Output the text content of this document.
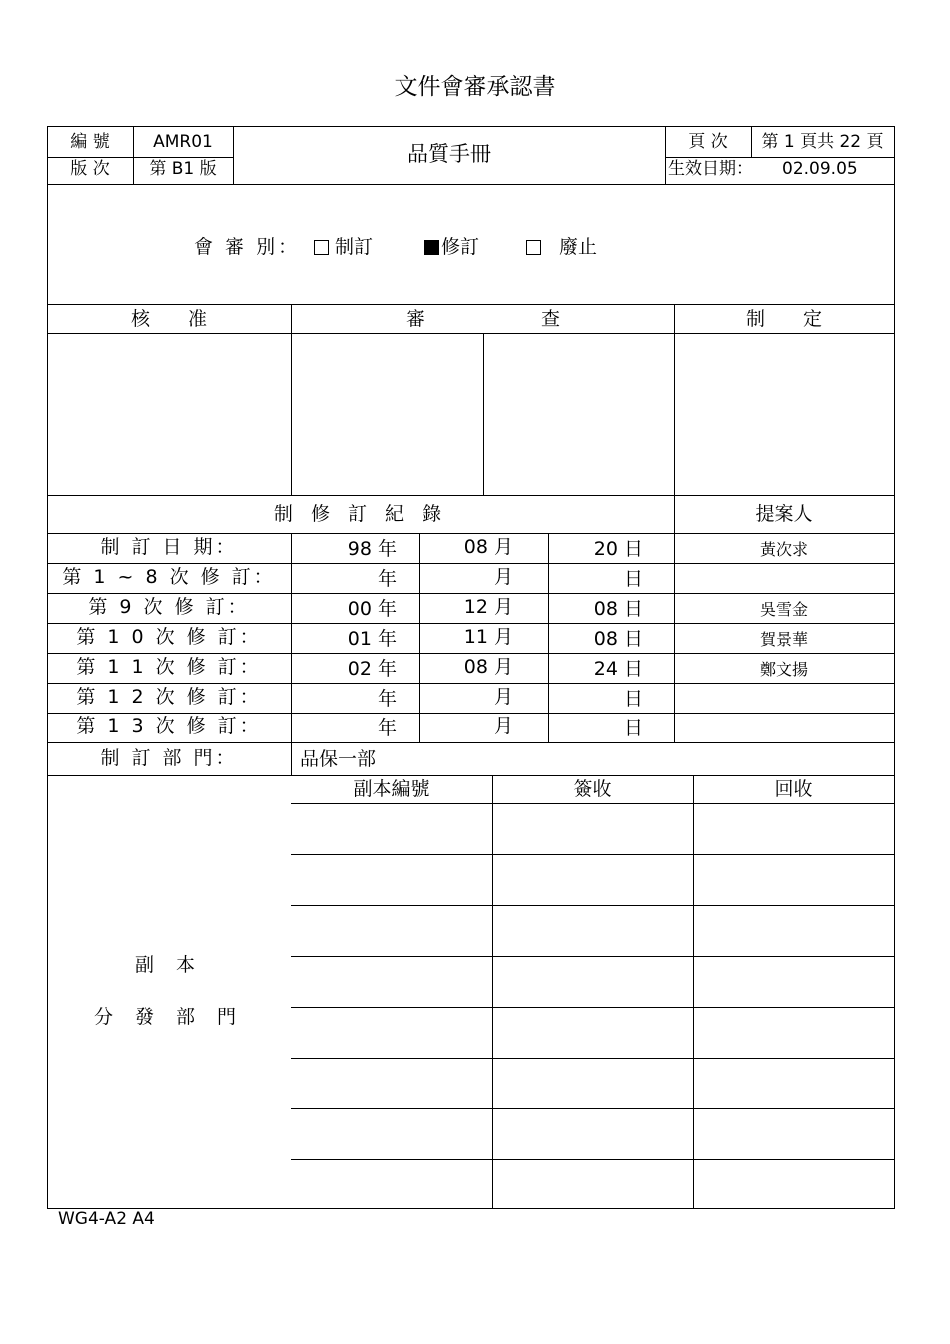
文件會審承認書
編 號	AMR01
版 次	第 B1 版
品質手冊	頁 次	第 1 頁共 22 頁
生效日期： 02.09.05
會 審 別：	制訂	修訂	廢止
核　　准	審	查	制　　定
制 修 訂 紀 錄	提案人
制 訂 日 期：	98 年	08 月	20 日	黃次求
第 1 ~ 8 次 修 訂：	年	月	日
第 9 次 修 訂：	00 年	12 月	08 日	吳雪金
第 1 0 次 修 訂：	01 年	11 月	08 日	賀景華
第 1 1 次 修 訂：	02 年	08 月	24 日	鄭文揚
第 1 2 次 修 訂：	年	月	日
第 1 3 次 修 訂：	年	月	日
制 訂 部 門：	品保一部
副 本
分 發 部 門
副本編號	簽收	回收
WG4-A2 A4
